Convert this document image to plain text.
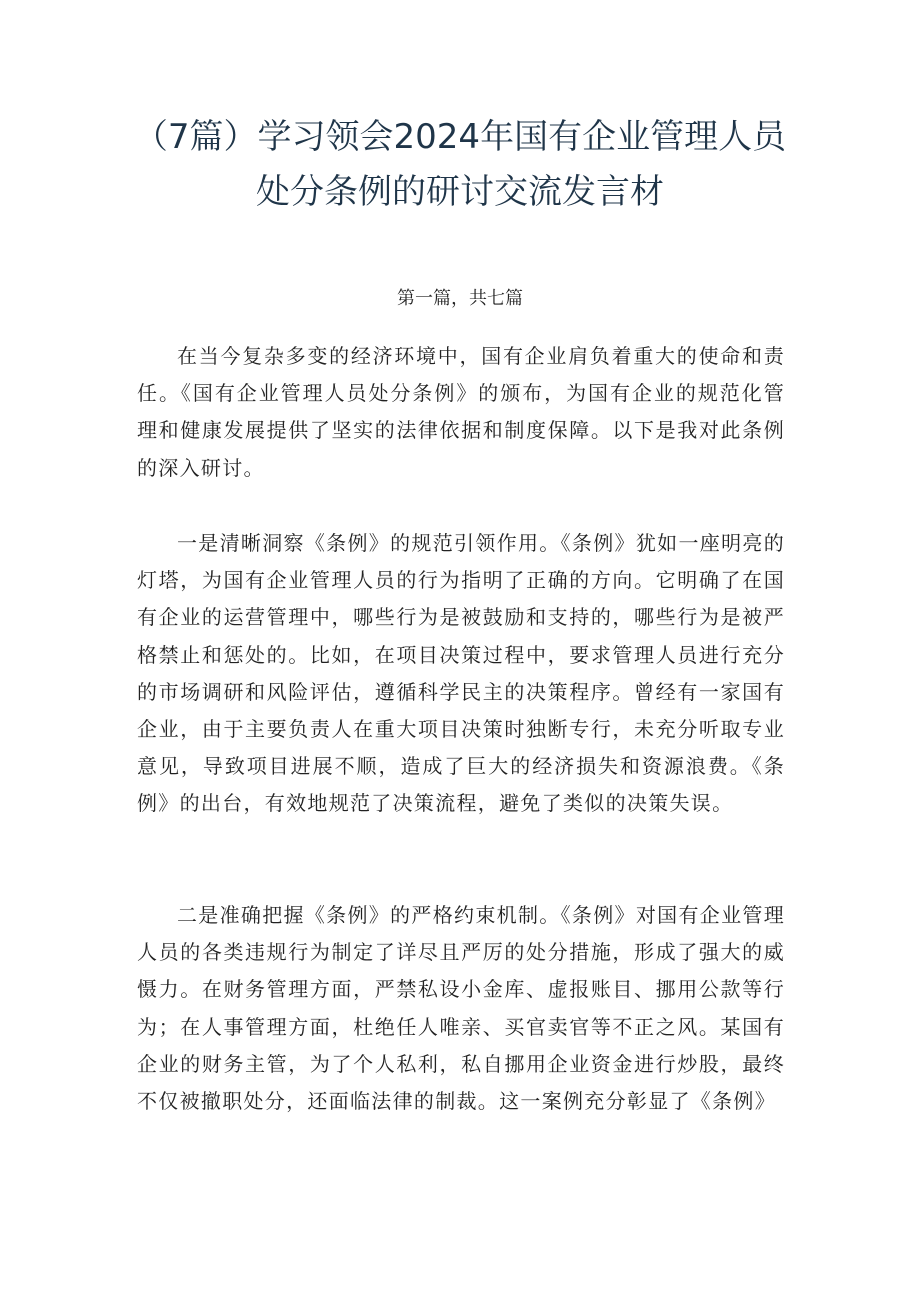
（7篇）学习领会2024年国有企业管理人员处分条例的研讨交流发言材

第一篇，共七篇

在当今复杂多变的经济环境中，国有企业肩负着重大的使命和责任。《国有企业管理人员处分条例》的颁布，为国有企业的规范化管理和健康发展提供了坚实的法律依据和制度保障。以下是我对此条例的深入研讨。

一是清晰洞察《条例》的规范引领作用。《条例》犹如一座明亮的灯塔，为国有企业管理人员的行为指明了正确的方向。它明确了在国有企业的运营管理中，哪些行为是被鼓励和支持的，哪些行为是被严格禁止和惩处的。比如，在项目决策过程中，要求管理人员进行充分的市场调研和风险评估，遵循科学民主的决策程序。曾经有一家国有企业，由于主要负责人在重大项目决策时独断专行，未充分听取专业意见，导致项目进展不顺，造成了巨大的经济损失和资源浪费。《条例》的出台，有效地规范了决策流程，避免了类似的决策失误。

二是准确把握《条例》的严格约束机制。《条例》对国有企业管理人员的各类违规行为制定了详尽且严厉的处分措施，形成了强大的威慑力。在财务管理方面，严禁私设小金库、虚报账目、挪用公款等行为；在人事管理方面，杜绝任人唯亲、买官卖官等不正之风。某国有企业的财务主管，为了个人私利，私自挪用企业资金进行炒股，最终不仅被撤职处分，还面临法律的制裁。这一案例充分彰显了《条例》
